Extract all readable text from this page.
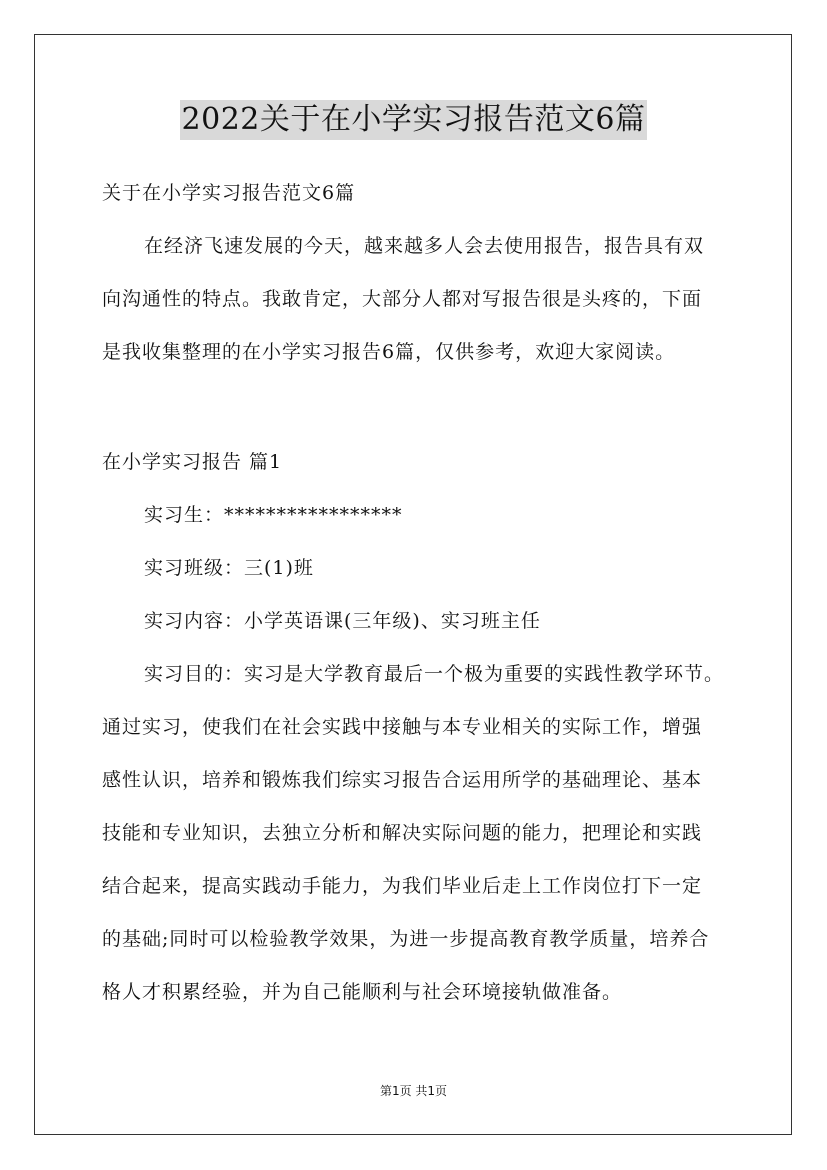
2022关于在小学实习报告范文6篇
关于在小学实习报告范文6篇
在经济飞速发展的今天，越来越多人会去使用报告，报告具有双
向沟通性的特点。我敢肯定，大部分人都对写报告很是头疼的，下面
是我收集整理的在小学实习报告6篇，仅供参考，欢迎大家阅读。
在小学实习报告 篇1
实习生：*****************
实习班级：三(1)班
实习内容：小学英语课(三年级)、实习班主任
实习目的：实习是大学教育最后一个极为重要的实践性教学环节。
通过实习，使我们在社会实践中接触与本专业相关的实际工作，增强
感性认识，培养和锻炼我们综实习报告合运用所学的基础理论、基本
技能和专业知识，去独立分析和解决实际问题的能力，把理论和实践
结合起来，提高实践动手能力，为我们毕业后走上工作岗位打下一定
的基础;同时可以检验教学效果，为进一步提高教育教学质量，培养合
格人才积累经验，并为自己能顺利与社会环境接轨做准备。
第1页 共1页
